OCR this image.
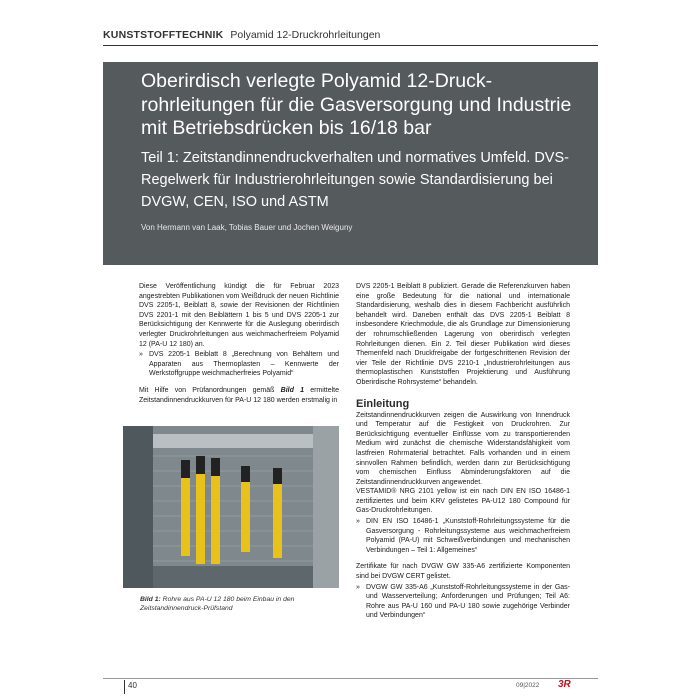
KUNSTSTOFFTECHNIK Polyamid 12-Druckrohrleitungen
Oberirdisch verlegte Polyamid 12-Druckrohrleitungen für die Gasversorgung und Industrie mit Betriebsdrücken bis 16/18 bar
Teil 1: Zeitstandinnendruckverhalten und normatives Umfeld. DVS-Regelwerk für Industrierohrleitungen sowie Standardisierung bei DVGW, CEN, ISO und ASTM
Von Hermann van Laak, Tobias Bauer und Jochen Weiguny

Diese Veröffentlichung kündigt die für Februar 2023 angestrebten Publikationen vom Weißdruck der neuen Richtlinie DVS 2205-1, Beiblatt 8, sowie der Revisionen der Richtlinien DVS 2201-1 mit den Beiblättern 1 bis 5 und DVS 2205-1 zur Berücksichtigung der Kennwerte für die Auslegung oberirdisch verlegter Druckrohrleitungen aus weichmacherfreiem Polyamid 12 (PA-U 12 180) an.

» DVS 2205-1 Beiblatt 8 „Berechnung von Behältern und Apparaten aus Thermoplasten – Kennwerte der Werkstoffgruppe weichmacherfreies Polyamid“

Mit Hilfe von Prüfanordnungen gemäß Bild 1 ermittelte Zeitstandinnendruckkurven für PA-U 12 180 werden erstmalig in

Bild 1: Rohre aus PA-U 12 180 beim Einbau in den Zeitstandinnendruck-Prüfstand

DVS 2205-1 Beiblatt 8 publiziert. Gerade die Referenzkurven haben eine große Bedeutung für die national und internationale Standardisierung, weshalb dies in diesem Fachbericht ausführlich behandelt wird. Daneben enthält das DVS 2205-1 Beiblatt 8 insbesondere Kriechmodule, die als Grundlage zur Dimensionierung der rohrumschließenden Lagerung von oberirdisch verlegten Rohrleitungen dienen. Ein 2. Teil dieser Publikation wird dieses Themenfeld nach Druckfreigabe der fortgeschrittenen Revision der vier Teile der Richtlinie DVS 2210-1 „Industrierohrleitungen aus thermoplastischen Kunststoffen Projektierung und Ausführung Oberirdische Rohrsysteme“ behandeln.

Einleitung

Zeitstandinnendruckkurven zeigen die Auswirkung von Innendruck und Temperatur auf die Festigkeit von Druckrohren. Zur Berücksichtigung eventueller Einflüsse vom zu transportierenden Medium wird zunächst die chemische Widerstandsfähigkeit vom lastfreien Rohrmaterial betrachtet. Falls vorhanden und in einem sinnvollen Rahmen befindlich, werden dann zur Berücksichtigung vom chemischen Einfluss Abminderungsfaktoren auf die Zeitstandinnendruckkurven angewendet.

VESTAMID® NRG 2101 yellow ist ein nach DIN EN ISO 16486-1 zertifiziertes und beim KRV gelistetes PA-U12 180 Compound für Gas-Druckrohrleitungen.

» DIN EN ISO 16486-1 „Kunststoff-Rohrleitungssysteme für die Gasversorgung - Rohrleitungssysteme aus weichmacherfreiem Polyamid (PA-U) mit Schweißverbindungen und mechanischen Verbindungen – Teil 1: Allgemeines“

Zertifikate für nach DVGW GW 335-A6 zertifizierte Komponenten sind bei DVGW CERT gelistet.

» DVGW GW 335-A6 „Kunststoff-Rohrleitungssysteme in der Gas- und Wasserverteilung; Anforderungen und Prüfungen; Teil A6: Rohre aus PA-U 160 und PA-U 180 sowie zugehörige Verbinder und Verbindungen“
40	09|2022 3R
